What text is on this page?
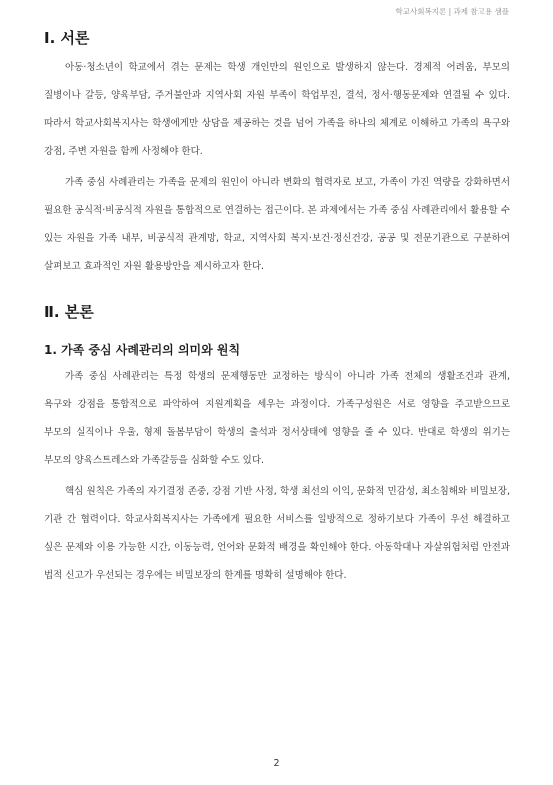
학교사회복지론 | 과제 참고용 샘플
Ⅰ. 서론

아동·청소년이 학교에서 겪는 문제는 학생 개인만의 원인으로 발생하지 않는다. 경제적 어려움, 부모의 질병이나 갈등, 양육부담, 주거불안과 지역사회 자원 부족이 학업부진, 결석, 정서·행동문제와 연결될 수 있다. 따라서 학교사회복지사는 학생에게만 상담을 제공하는 것을 넘어 가족을 하나의 체계로 이해하고 가족의 욕구와 강점, 주변 자원을 함께 사정해야 한다.

가족 중심 사례관리는 가족을 문제의 원인이 아니라 변화의 협력자로 보고, 가족이 가진 역량을 강화하면서 필요한 공식적·비공식적 자원을 통합적으로 연결하는 접근이다. 본 과제에서는 가족 중심 사례관리에서 활용할 수 있는 자원을 가족 내부, 비공식적 관계망, 학교, 지역사회 복지·보건·정신건강, 공공 및 전문기관으로 구분하여 살펴보고 효과적인 자원 활용방안을 제시하고자 한다.

Ⅱ. 본론
1. 가족 중심 사례관리의 의미와 원칙

가족 중심 사례관리는 특정 학생의 문제행동만 교정하는 방식이 아니라 가족 전체의 생활조건과 관계, 욕구와 강점을 통합적으로 파악하여 지원계획을 세우는 과정이다. 가족구성원은 서로 영향을 주고받으므로 부모의 실직이나 우울, 형제 돌봄부담이 학생의 출석과 정서상태에 영향을 줄 수 있다. 반대로 학생의 위기는 부모의 양육스트레스와 가족갈등을 심화할 수도 있다.

핵심 원칙은 가족의 자기결정 존중, 강점 기반 사정, 학생 최선의 이익, 문화적 민감성, 최소침해와 비밀보장, 기관 간 협력이다. 학교사회복지사는 가족에게 필요한 서비스를 일방적으로 정하기보다 가족이 우선 해결하고 싶은 문제와 이용 가능한 시간, 이동능력, 언어와 문화적 배경을 확인해야 한다. 아동학대나 자살위험처럼 안전과 법적 신고가 우선되는 경우에는 비밀보장의 한계를 명확히 설명해야 한다.

2
